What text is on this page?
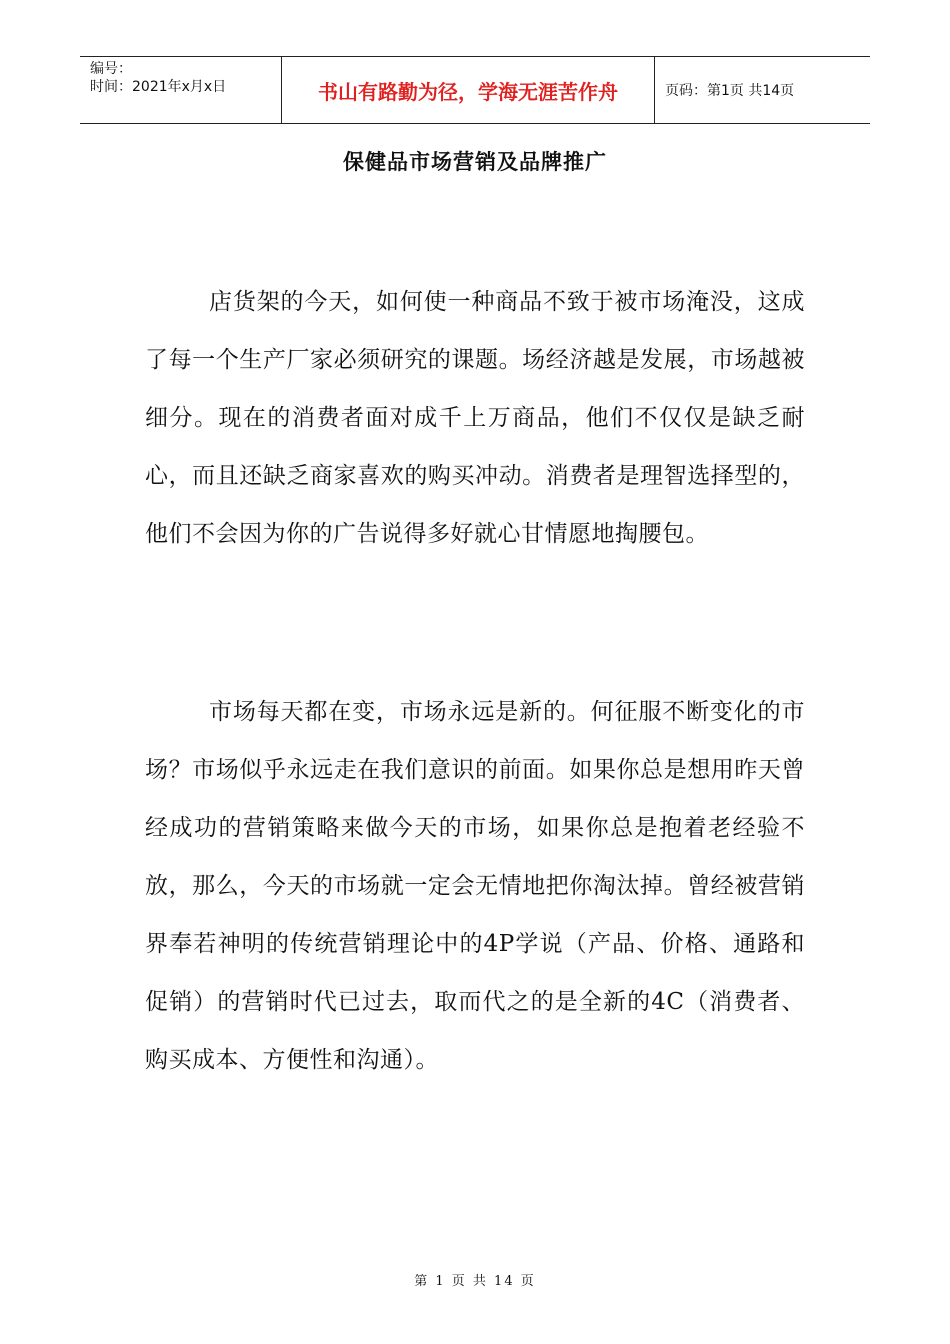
编号：
时间：2021年x月x日	书山有路勤为径，学海无涯苦作舟	页码：第1页 共14页
保健品市场营销及品牌推广

店货架的今天，如何使一种商品不致于被市场淹没，这成了每一个生产厂家必须研究的课题。场经济越是发展，市场越被细分。现在的消费者面对成千上万商品，他们不仅仅是缺乏耐心，而且还缺乏商家喜欢的购买冲动。消费者是理智选择型的，他们不会因为你的广告说得多好就心甘情愿地掏腰包。

市场每天都在变，市场永远是新的。何征服不断变化的市场？市场似乎永远走在我们意识的前面。如果你总是想用昨天曾经成功的营销策略来做今天的市场，如果你总是抱着老经验不放，那么，今天的市场就一定会无情地把你淘汰掉。曾经被营销界奉若神明的传统营销理论中的4P学说（产品、价格、通路和促销）的营销时代已过去，取而代之的是全新的4C（消费者、购买成本、方便性和沟通）。

第 1 页 共 14 页
